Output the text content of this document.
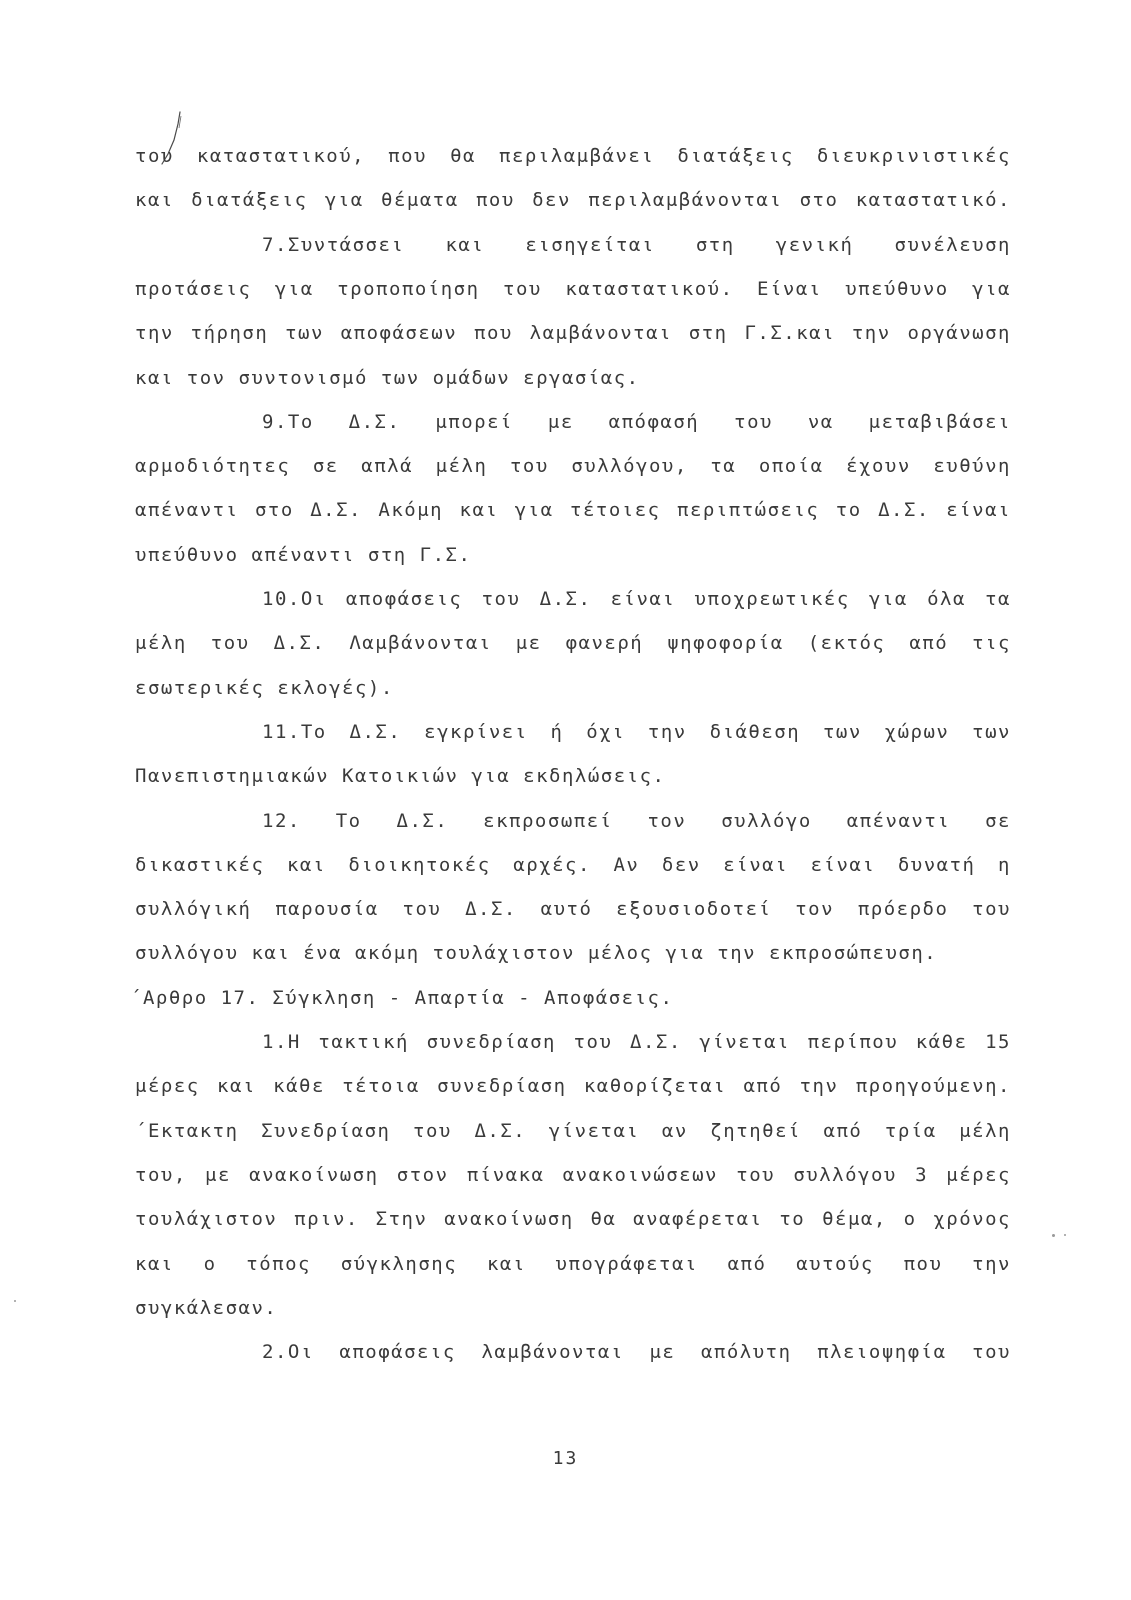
του καταστατικού, που θα περιλαμβάνει διατάξεις διευκρινιστικές
και διατάξεις για θέματα που δεν περιλαμβάνονται στο καταστατικό.
7.Συντάσσει και εισηγείται στη γενική συνέλευση
προτάσεις για τροποποίηση του καταστατικού. Είναι υπεύθυνο για
την τήρηση των αποφάσεων που λαμβάνονται στη Γ.Σ.και την οργάνωση
και τον συντονισμό των ομάδων εργασίας.
9.Το Δ.Σ. μπορεί με απόφασή του να μεταβιβάσει
αρμοδιότητες σε απλά μέλη του συλλόγου, τα οποία έχουν ευθύνη
απέναντι στο Δ.Σ. Ακόμη και για τέτοιες περιπτώσεις το Δ.Σ. είναι
υπεύθυνο απέναντι στη Γ.Σ.
10.Οι αποφάσεις του Δ.Σ. είναι υποχρεωτικές για όλα τα
μέλη του Δ.Σ. Λαμβάνονται με φανερή ψηφοφορία (εκτός από τις
εσωτερικές εκλογές).
11.Το Δ.Σ. εγκρίνει ή όχι την διάθεση των χώρων των
Πανεπιστημιακών Κατοικιών για εκδηλώσεις.
12. Το Δ.Σ. εκπροσωπεί τον συλλόγο απέναντι σε
δικαστικές και διοικητοκές αρχές. Αν δεν είναι είναι δυνατή η
συλλόγική παρουσία του Δ.Σ. αυτό εξουσιοδοτεί τον πρόερδο του
συλλόγου και ένα ακόμη τουλάχιστον μέλος για την εκπροσώπευση.
΄Αρθρο 17. Σύγκληση - Απαρτία - Αποφάσεις.
1.Η τακτική συνεδρίαση του Δ.Σ. γίνεται περίπου κάθε 15
μέρες και κάθε τέτοια συνεδρίαση καθορίζεται από την προηγούμενη.
΄Εκτακτη Συνεδρίαση του Δ.Σ. γίνεται αν ζητηθεί από τρία μέλη
του, με ανακοίνωση στον πίνακα ανακοινώσεων του συλλόγου 3 μέρες
τουλάχιστον πριν. Στην ανακοίνωση θα αναφέρεται το θέμα, ο χρόνος
και ο τόπος σύγκλησης και υπογράφεται από αυτούς που την
συγκάλεσαν.
2.Οι αποφάσεις λαμβάνονται με απόλυτη πλειοψηφία του
13
